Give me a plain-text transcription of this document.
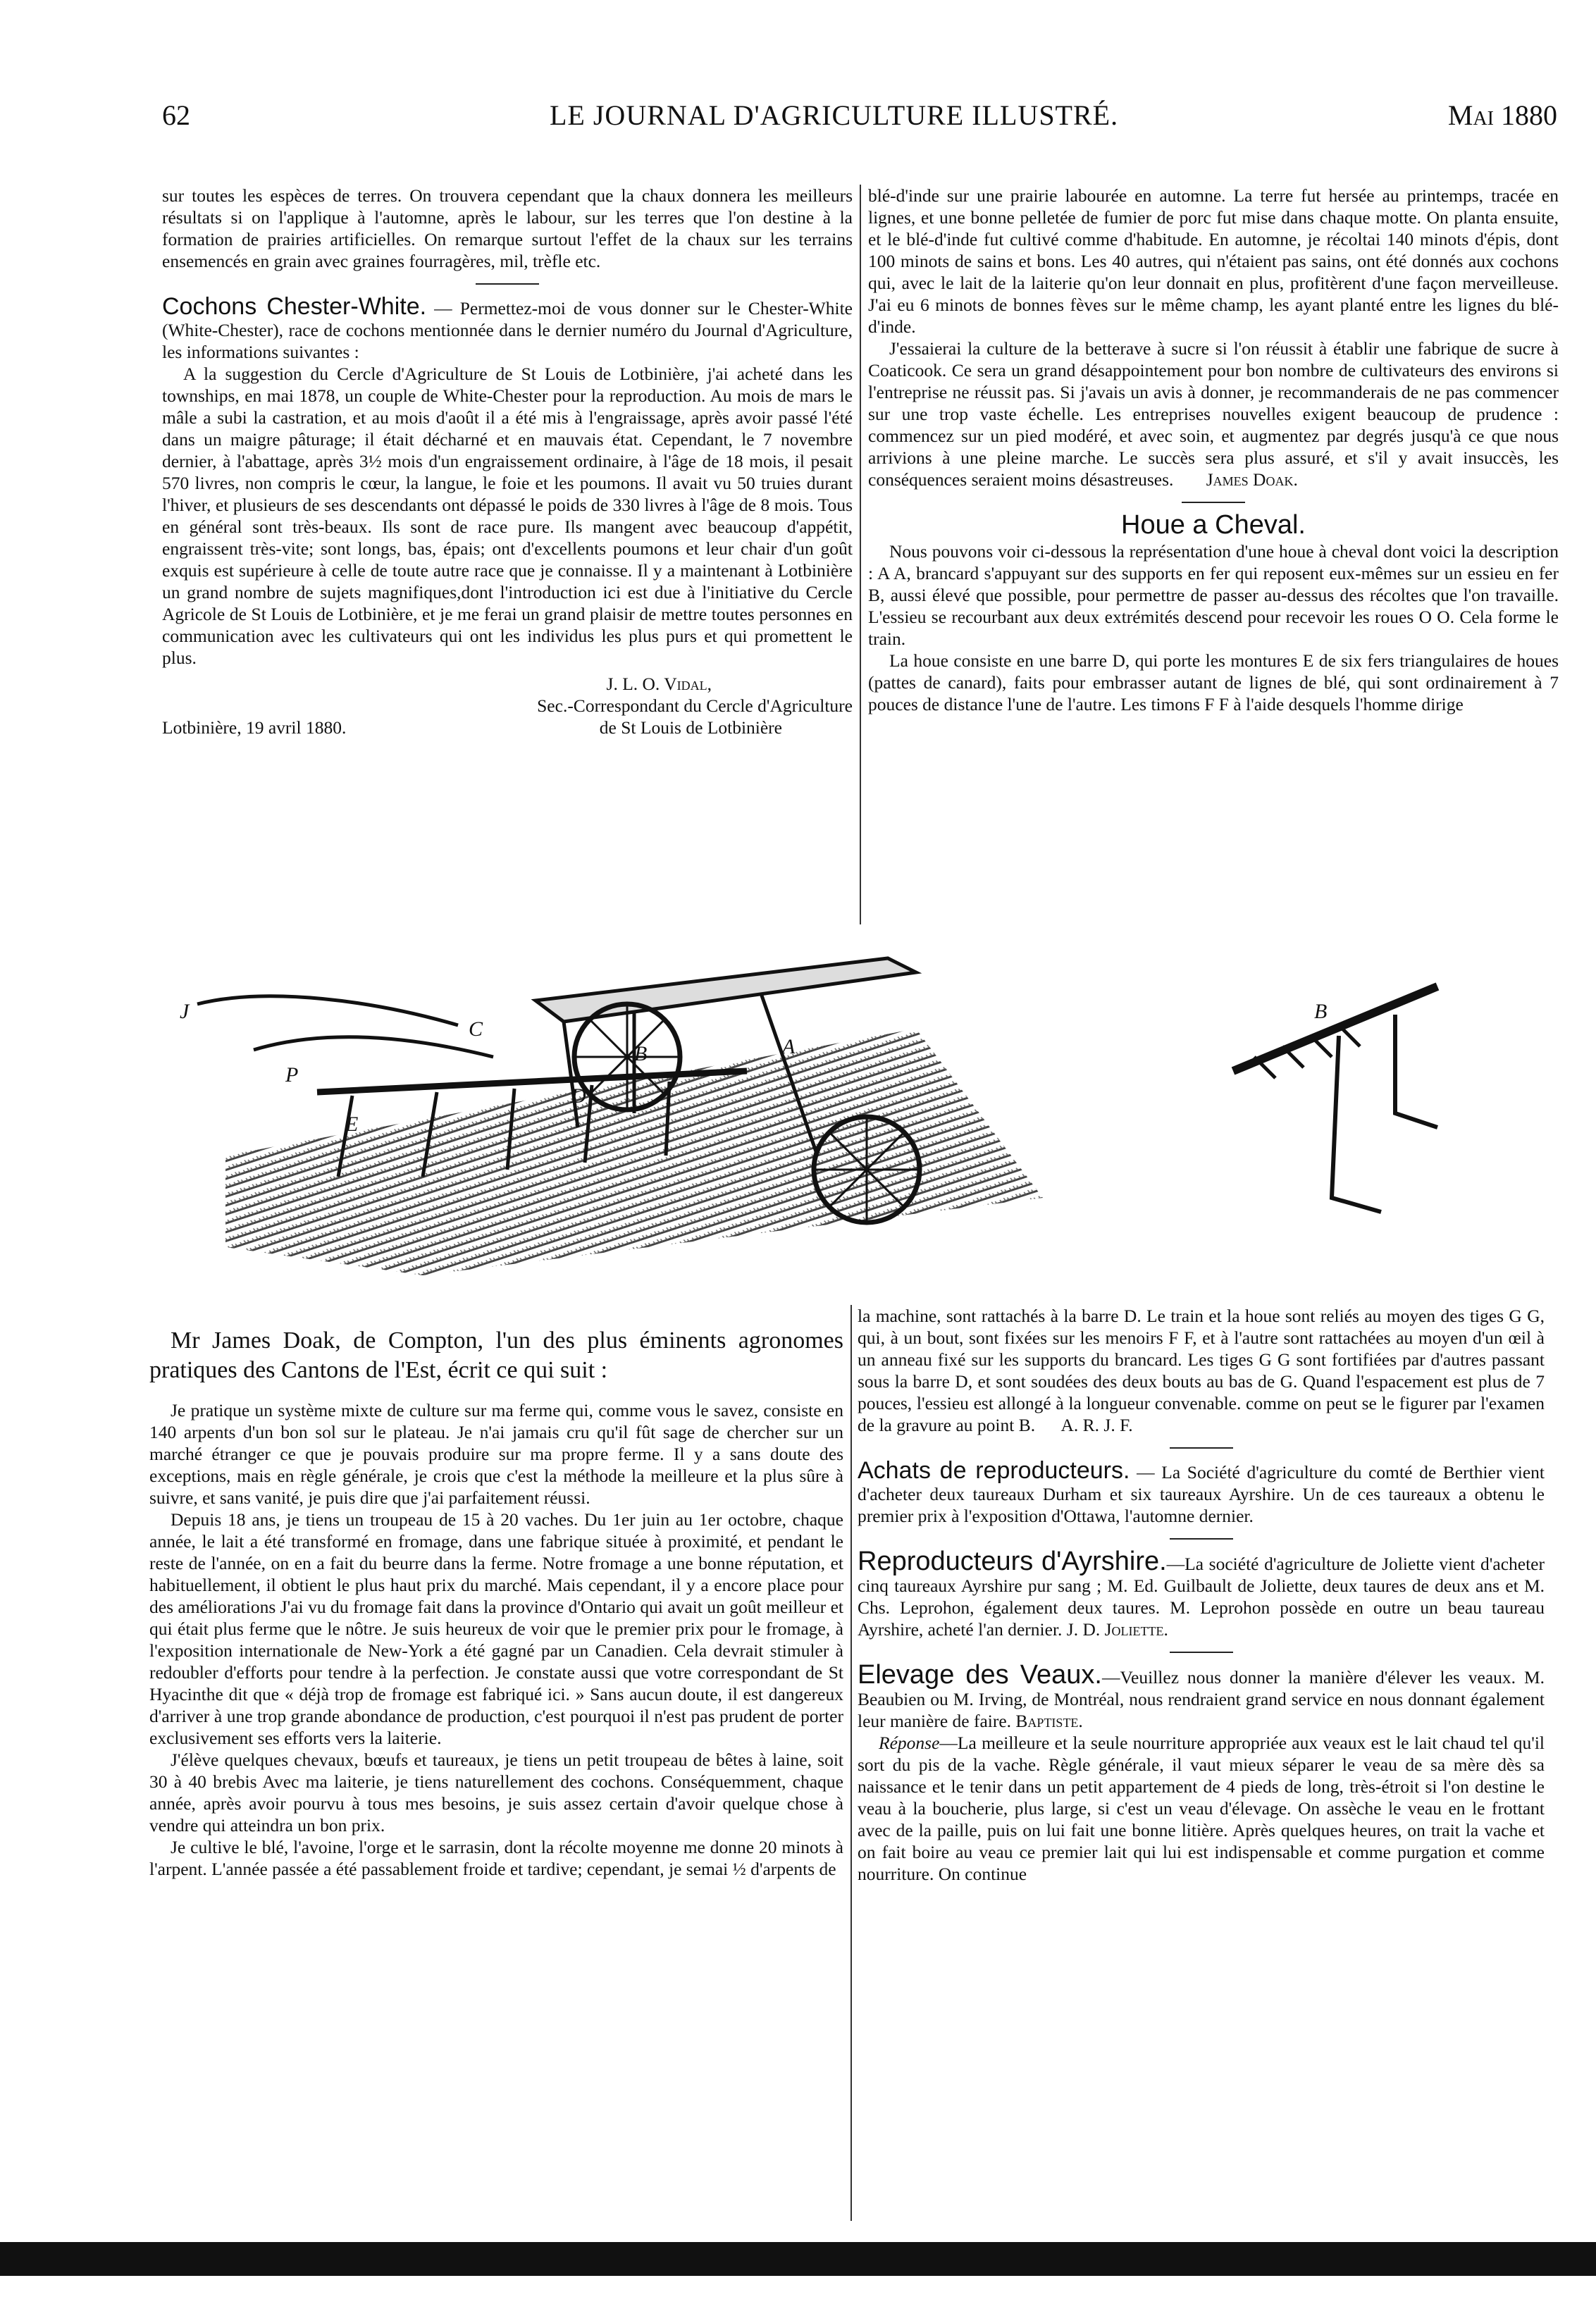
62	LE JOURNAL D'AGRICULTURE ILLUSTRÉ.	Mai 1880

sur toutes les espèces de terres. On trouvera cependant que la chaux donnera les meilleurs résultats si on l'applique à l'automne, après le labour, sur les terres que l'on destine à la formation de prairies artificielles. On remarque surtout l'effet de la chaux sur les terrains ensemencés en grain avec graines fourragères, mil, trèfle etc.

Cochons Chester-White. — Permettez-moi de vous donner sur le Chester-White (White-Chester), race de cochons mentionnée dans le dernier numéro du Journal d'Agriculture, les informations suivantes :

A la suggestion du Cercle d'Agriculture de St Louis de Lotbinière, j'ai acheté dans les townships, en mai 1878, un couple de White-Chester pour la reproduction. Au mois de mars le mâle a subi la castration, et au mois d'août il a été mis à l'engraissage, après avoir passé l'été dans un maigre pâturage; il était décharné et en mauvais état. Cependant, le 7 novembre dernier, à l'abattage, après 3½ mois d'un engraissement ordinaire, à l'âge de 18 mois, il pesait 570 livres, non compris le cœur, la langue, le foie et les poumons. Il avait vu 50 truies durant l'hiver, et plusieurs de ses descendants ont dépassé le poids de 330 livres à l'âge de 8 mois. Tous en général sont très-beaux. Ils sont de race pure. Ils mangent avec beaucoup d'appétit, engraissent très-vite; sont longs, bas, épais; ont d'excellents poumons et leur chair d'un goût exquis est supérieure à celle de toute autre race que je connaisse. Il y a maintenant à Lotbinière un grand nombre de sujets magnifiques,dont l'introduction ici est due à l'initiative du Cercle Agricole de St Louis de Lotbinière, et je me ferai un grand plaisir de mettre toutes personnes en communication avec les cultivateurs qui ont les individus les plus purs et qui promettent le plus.

J. L. O. Vidal,
Sec.-Correspondant du Cercle d'Agriculture
Lotbinière, 19 avril 1880.	de St Louis de Lotbinière

blé-d'inde sur une prairie labourée en automne. La terre fut hersée au printemps, tracée en lignes, et une bonne pelletée de fumier de porc fut mise dans chaque motte. On planta ensuite, et le blé-d'inde fut cultivé comme d'habitude. En automne, je récoltai 140 minots d'épis, dont 100 minots de sains et bons. Les 40 autres, qui n'étaient pas sains, ont été donnés aux cochons qui, avec le lait de la laiterie qu'on leur donnait en plus, profitèrent d'une façon merveilleuse. J'ai eu 6 minots de bonnes fèves sur le même champ, les ayant planté entre les lignes du blé-d'inde.

J'essaierai la culture de la betterave à sucre si l'on réussit à établir une fabrique de sucre à Coaticook. Ce sera un grand désappointement pour bon nombre de cultivateurs des environs si l'entreprise ne réussit pas. Si j'avais un avis à donner, je recommanderais de ne pas commencer sur une trop vaste échelle. Les entreprises nouvelles exigent beaucoup de prudence : commencez sur un pied modéré, et avec soin, et augmentez par degrés jusqu'à ce que nous arrivions à une pleine marche. Le succès sera plus assuré, et s'il y avait insuccès, les conséquences seraient moins désastreuses. James Doak.

Houe a Cheval.

Nous pouvons voir ci-dessous la représentation d'une houe à cheval dont voici la description : A A, brancard s'appuyant sur des supports en fer qui reposent eux-mêmes sur un essieu en fer B, aussi élevé que possible, pour permettre de passer au-dessus des récoltes que l'on travaille. L'essieu se recourbant aux deux extrémités descend pour recevoir les roues O O. Cela forme le train.

La houe consiste en une barre D, qui porte les montures E de six fers triangulaires de houes (pattes de canard), faits pour embrasser autant de lignes de blé, qui sont ordinairement à 7 pouces de distance l'une de l'autre. Les timons F F à l'aide desquels l'homme dirige

J
P
C
B	A
E
D
B

Mr James Doak, de Compton, l'un des plus éminents agronomes pratiques des Cantons de l'Est, écrit ce qui suit :

Je pratique un système mixte de culture sur ma ferme qui, comme vous le savez, consiste en 140 arpents d'un bon sol sur le plateau. Je n'ai jamais cru qu'il fût sage de chercher sur un marché étranger ce que je pouvais produire sur ma propre ferme. Il y a sans doute des exceptions, mais en règle générale, je crois que c'est la méthode la meilleure et la plus sûre à suivre, et sans vanité, je puis dire que j'ai parfaitement réussi.

Depuis 18 ans, je tiens un troupeau de 15 à 20 vaches. Du 1er juin au 1er octobre, chaque année, le lait a été transformé en fromage, dans une fabrique située à proximité, et pendant le reste de l'année, on en a fait du beurre dans la ferme. Notre fromage a une bonne réputation, et habituellement, il obtient le plus haut prix du marché. Mais cependant, il y a encore place pour des améliorations J'ai vu du fromage fait dans la province d'Ontario qui avait un goût meilleur et qui était plus ferme que le nôtre. Je suis heureux de voir que le premier prix pour le fromage, à l'exposition internationale de New-York a été gagné par un Canadien. Cela devrait stimuler à redoubler d'efforts pour tendre à la perfection. Je constate aussi que votre correspondant de St Hyacinthe dit que « déjà trop de fromage est fabriqué ici. » Sans aucun doute, il est dangereux d'arriver à une trop grande abondance de production, c'est pourquoi il n'est pas prudent de porter exclusivement ses efforts vers la laiterie.

J'élève quelques chevaux, bœufs et taureaux, je tiens un petit troupeau de bêtes à laine, soit 30 à 40 brebis Avec ma laiterie, je tiens naturellement des cochons. Conséquemment, chaque année, après avoir pourvu à tous mes besoins, je suis assez certain d'avoir quelque chose à vendre qui atteindra un bon prix.

Je cultive le blé, l'avoine, l'orge et le sarrasin, dont la récolte moyenne me donne 20 minots à l'arpent. L'année passée a été passablement froide et tardive; cependant, je semai ½ d'arpents de

la machine, sont rattachés à la barre D. Le train et la houe sont reliés au moyen des tiges G G, qui, à un bout, sont fixées sur les menoirs F F, et à l'autre sont rattachées au moyen d'un œil à un anneau fixé sur les supports du brancard. Les tiges G G sont fortifiées par d'autres passant sous la barre D, et sont soudées des deux bouts au bas de G. Quand l'espacement est plus de 7 pouces, l'essieu est allongé à la longueur convenable. comme on peut se le figurer par l'examen de la gravure au point B. A. R. J. F.

Achats de reproducteurs. — La Société d'agriculture du comté de Berthier vient d'acheter deux taureaux Durham et six taureaux Ayrshire. Un de ces taureaux a obtenu le premier prix à l'exposition d'Ottawa, l'automne dernier.

Reproducteurs d'Ayrshire.—La société d'agriculture de Joliette vient d'acheter cinq taureaux Ayrshire pur sang ; M. Ed. Guilbault de Joliette, deux taures de deux ans et M. Chs. Leprohon, également deux taures. M. Leprohon possède en outre un beau taureau Ayrshire, acheté l'an dernier. J. D. Joliette.

Elevage des Veaux.—Veuillez nous donner la manière d'élever les veaux. M. Beaubien ou M. Irving, de Montréal, nous rendraient grand service en nous donnant également leur manière de faire. Baptiste.

Réponse—La meilleure et la seule nourriture appropriée aux veaux est le lait chaud tel qu'il sort du pis de la vache. Règle générale, il vaut mieux séparer le veau de sa mère dès sa naissance et le tenir dans un petit appartement de 4 pieds de long, très-étroit si l'on destine le veau à la boucherie, plus large, si c'est un veau d'élevage. On assèche le veau en le frottant avec de la paille, puis on lui fait une bonne litière. Après quelques heures, on trait la vache et on fait boire au veau ce premier lait qui lui est indispensable et comme purgation et comme nourriture. On continue
